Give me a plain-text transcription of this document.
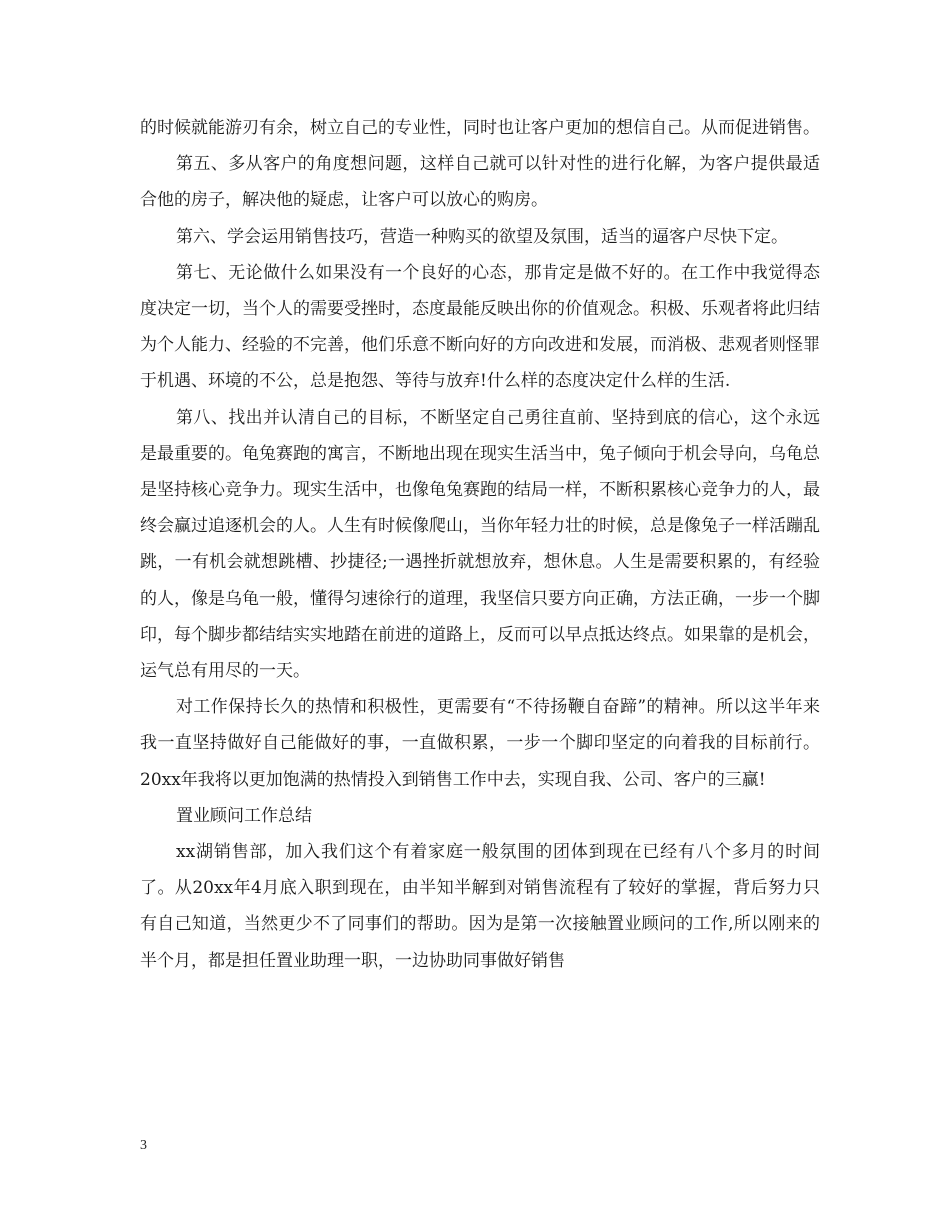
的时候就能游刃有余，树立自己的专业性，同时也让客户更加的想信自己。从而促进销售。

第五、多从客户的角度想问题，这样自己就可以针对性的进行化解，为客户提供最适合他的房子，解决他的疑虑，让客户可以放心的购房。

第六、学会运用销售技巧，营造一种购买的欲望及氛围，适当的逼客户尽快下定。

第七、无论做什么如果没有一个良好的心态，那肯定是做不好的。在工作中我觉得态度决定一切，当个人的需要受挫时，态度最能反映出你的价值观念。积极、乐观者将此归结为个人能力、经验的不完善，他们乐意不断向好的方向改进和发展，而消极、悲观者则怪罪于机遇、环境的不公，总是抱怨、等待与放弃!什么样的态度决定什么样的生活.

第八、找出并认清自己的目标，不断坚定自己勇往直前、坚持到底的信心，这个永远是最重要的。龟兔赛跑的寓言，不断地出现在现实生活当中，兔子倾向于机会导向，乌龟总是坚持核心竞争力。现实生活中，也像龟兔赛跑的结局一样，不断积累核心竞争力的人，最终会赢过追逐机会的人。人生有时候像爬山，当你年轻力壮的时候，总是像兔子一样活蹦乱跳，一有机会就想跳槽、抄捷径;一遇挫折就想放弃，想休息。人生是需要积累的，有经验的人，像是乌龟一般，懂得匀速徐行的道理，我坚信只要方向正确，方法正确，一步一个脚印，每个脚步都结结实实地踏在前进的道路上，反而可以早点抵达终点。如果靠的是机会，运气总有用尽的一天。

对工作保持长久的热情和积极性，更需要有“不待扬鞭自奋蹄”的精神。所以这半年来我一直坚持做好自己能做好的事，一直做积累，一步一个脚印坚定的向着我的目标前行。20xx年我将以更加饱满的热情投入到销售工作中去，实现自我、公司、客户的三赢!

置业顾问工作总结

xx湖销售部，加入我们这个有着家庭一般氛围的团体到现在已经有八个多月的时间了。从20xx年4月底入职到现在，由半知半解到对销售流程有了较好的掌握，背后努力只有自己知道，当然更少不了同事们的帮助。因为是第一次接触置业顾问的工作,所以刚来的半个月，都是担任置业助理一职，一边协助同事做好销售

3
